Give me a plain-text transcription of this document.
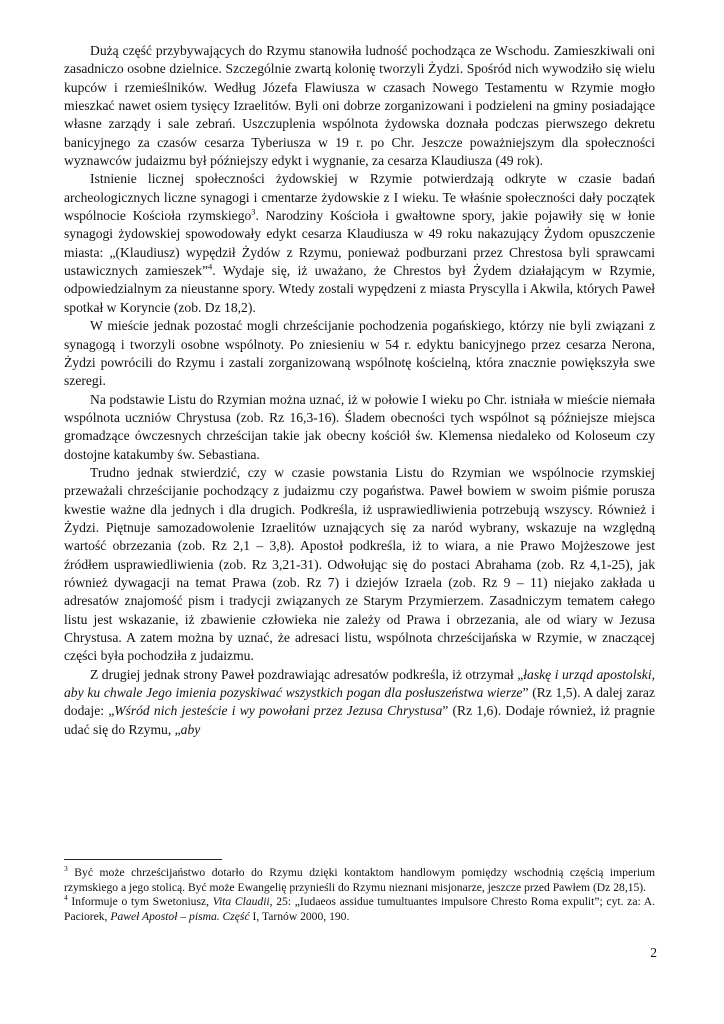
Dużą część przybywających do Rzymu stanowiła ludność pochodząca ze Wschodu. Zamieszkiwali oni zasadniczo osobne dzielnice. Szczególnie zwartą kolonię tworzyli Żydzi. Spośród nich wywodziło się wielu kupców i rzemieślników. Według Józefa Flawiusza w czasach Nowego Testamentu w Rzymie mogło mieszkać nawet osiem tysięcy Izraelitów. Byli oni dobrze zorganizowani i podzieleni na gminy posiadające własne zarządy i sale zebrań. Uszczuplenia wspólnota żydowska doznała podczas pierwszego dekretu banicyjnego za czasów cesarza Tyberiusza w 19 r. po Chr. Jeszcze poważniejszym dla społeczności wyznawców judaizmu był późniejszy edykt i wygnanie, za cesarza Klaudiusza (49 rok).

Istnienie licznej społeczności żydowskiej w Rzymie potwierdzają odkryte w czasie badań archeologicznych liczne synagogi i cmentarze żydowskie z I wieku. Te właśnie społeczności dały początek wspólnocie Kościoła rzymskiego$^3$. Narodziny Kościoła i gwałtowne spory, jakie pojawiły się w łonie synagogi żydowskiej spowodowały edykt cesarza Klaudiusza w 49 roku nakazujący Żydom opuszczenie miasta: „(Klaudiusz) wypędził Żydów z Rzymu, ponieważ podburzani przez Chrestosa byli sprawcami ustawicznych zamieszek”$^4$. Wydaje się, iż uważano, że Chrestos był Żydem działającym w Rzymie, odpowiedzialnym za nieustanne spory. Wtedy zostali wypędzeni z miasta Pryscylla i Akwila, których Paweł spotkał w Koryncie (zob. Dz 18,2).

W mieście jednak pozostać mogli chrześcijanie pochodzenia pogańskiego, którzy nie byli związani z synagogą i tworzyli osobne wspólnoty. Po zniesieniu w 54 r. edyktu banicyjnego przez cesarza Nerona, Żydzi powrócili do Rzymu i zastali zorganizowaną wspólnotę kościelną, która znacznie powiększyła swe szeregi.

Na podstawie Listu do Rzymian można uznać, iż w połowie I wieku po Chr. istniała w mieście niemała wspólnota uczniów Chrystusa (zob. Rz 16,3-16). Śladem obecności tych wspólnot są późniejsze miejsca gromadzące ówczesnych chrześcijan takie jak obecny kościół św. Klemensa niedaleko od Koloseum czy dostojne katakumby św. Sebastiana.

Trudno jednak stwierdzić, czy w czasie powstania Listu do Rzymian we wspólnocie rzymskiej przeważali chrześcijanie pochodzący z judaizmu czy pogaństwa. Paweł bowiem w swoim piśmie porusza kwestie ważne dla jednych i dla drugich. Podkreśla, iż usprawiedliwienia potrzebują wszyscy. Również i Żydzi. Piętnuje samozadowolenie Izraelitów uznających się za naród wybrany, wskazuje na względną wartość obrzezania (zob. Rz 2,1 – 3,8). Apostoł podkreśla, iż to wiara, a nie Prawo Mojżeszowe jest źródłem usprawiedliwienia (zob. Rz 3,21-31). Odwołując się do postaci Abrahama (zob. Rz 4,1-25), jak również dywagacji na temat Prawa (zob. Rz 7) i dziejów Izraela (zob. Rz 9 – 11) niejako zakłada u adresatów znajomość pism i tradycji związanych ze Starym Przymierzem. Zasadniczym tematem całego listu jest wskazanie, iż zbawienie człowieka nie zależy od Prawa i obrzezania, ale od wiary w Jezusa Chrystusa. A zatem można by uznać, że adresaci listu, wspólnota chrześcijańska w Rzymie, w znaczącej części była pochodziła z judaizmu.

Z drugiej jednak strony Paweł pozdrawiając adresatów podkreśla, iż otrzymał „łaskę i urząd apostolski, aby ku chwale Jego imienia pozyskiwać wszystkich pogan dla posłuszeństwa wierze” (Rz 1,5). A dalej zaraz dodaje: „Wśród nich jesteście i wy powołani przez Jezusa Chrystusa” (Rz 1,6). Dodaje również, iż pragnie udać się do Rzymu, „aby

$^3$ Być może chrześcijaństwo dotarło do Rzymu dzięki kontaktom handlowym pomiędzy wschodnią częścią imperium rzymskiego a jego stolicą. Być może Ewangelię przynieśli do Rzymu nieznani misjonarze, jeszcze przed Pawłem (Dz 28,15).

$^4$ Informuje o tym Swetoniusz, Vita Claudii, 25: „Iudaeos assidue tumultuantes impulsore Chresto Roma expulit”; cyt. za: A. Paciorek, Paweł Apostoł – pisma. Część I, Tarnów 2000, 190.

2
